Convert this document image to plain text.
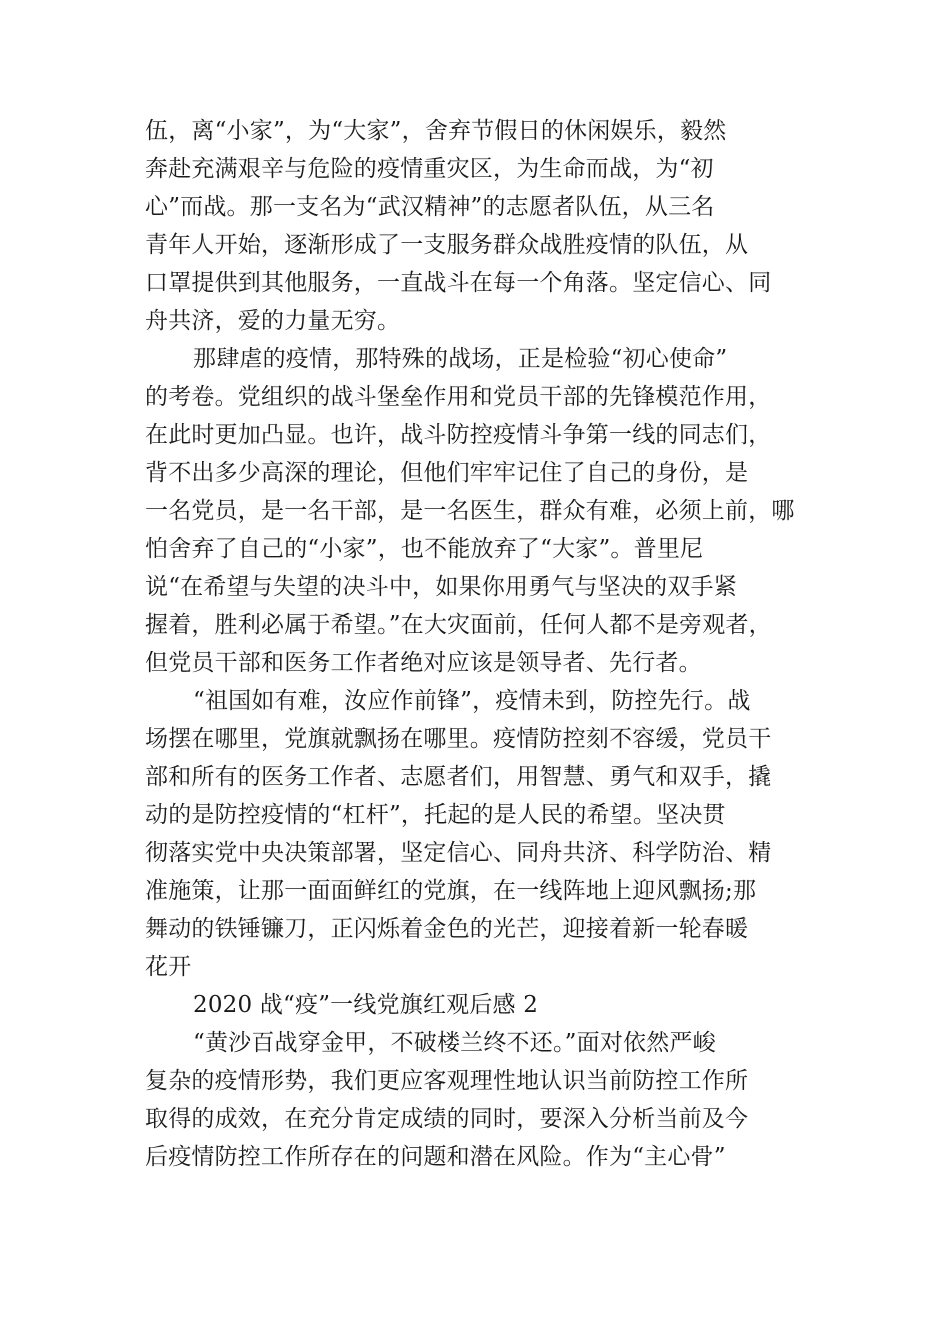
伍，离“小家”，为“大家”，舍弃节假日的休闲娱乐，毅然
奔赴充满艰辛与危险的疫情重灾区，为生命而战，为“初
心”而战。那一支名为“武汉精神”的志愿者队伍，从三名
青年人开始，逐渐形成了一支服务群众战胜疫情的队伍，从
口罩提供到其他服务，一直战斗在每一个角落。坚定信心、同
舟共济，爱的力量无穷。
那肆虐的疫情，那特殊的战场，正是检验“初心使命”
的考卷。党组织的战斗堡垒作用和党员干部的先锋模范作用，
在此时更加凸显。也许，战斗防控疫情斗争第一线的同志们，
背不出多少高深的理论，但他们牢牢记住了自己的身份，是
一名党员，是一名干部，是一名医生，群众有难，必须上前，哪
怕舍弃了自己的“小家”，也不能放弃了“大家”。普里尼
说“在希望与失望的决斗中，如果你用勇气与坚决的双手紧
握着，胜利必属于希望。”在大灾面前，任何人都不是旁观者，
但党员干部和医务工作者绝对应该是领导者、先行者。
“祖国如有难，汝应作前锋”，疫情未到，防控先行。战
场摆在哪里，党旗就飘扬在哪里。疫情防控刻不容缓，党员干
部和所有的医务工作者、志愿者们，用智慧、勇气和双手，撬
动的是防控疫情的“杠杆”，托起的是人民的希望。坚决贯
彻落实党中央决策部署，坚定信心、同舟共济、科学防治、精
准施策，让那一面面鲜红的党旗，在一线阵地上迎风飘扬;那
舞动的铁锤镰刀，正闪烁着金色的光芒，迎接着新一轮春暖
花开
2020 战“疫”一线党旗红观后感 2
“黄沙百战穿金甲，不破楼兰终不还。”面对依然严峻
复杂的疫情形势，我们更应客观理性地认识当前防控工作所
取得的成效，在充分肯定成绩的同时，要深入分析当前及今
后疫情防控工作所存在的问题和潜在风险。作为“主心骨”
